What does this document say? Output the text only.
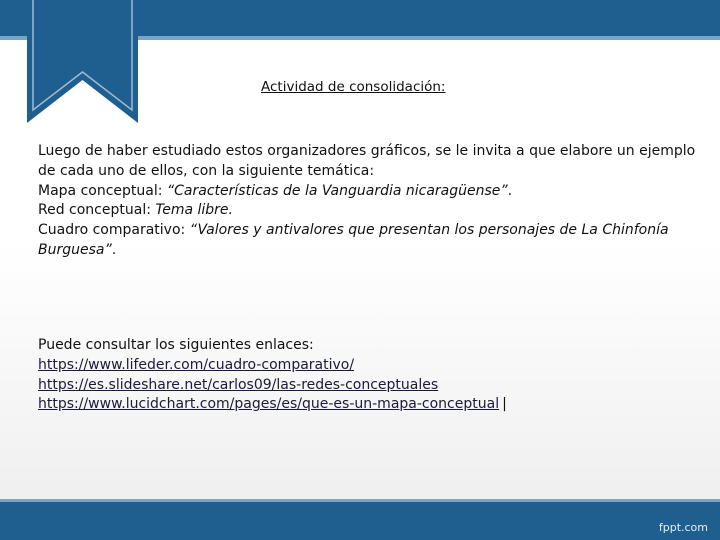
Actividad de consolidación:

Luego de haber estudiado estos organizadores gráficos, se le invita a que elabore un ejemplo de cada uno de ellos, con la siguiente temática:

Mapa conceptual: “Características de la Vanguardia nicaragüense”.

Red conceptual: Tema libre.

Cuadro comparativo: “Valores y antivalores que presentan los personajes de La Chinfonía Burguesa”.

Puede consultar los siguientes enlaces:

https://www.lifeder.com/cuadro-comparativo/

https://es.slideshare.net/carlos09/las-redes-conceptuales

https://www.lucidchart.com/pages/es/que-es-un-mapa-conceptual |

fppt.com
